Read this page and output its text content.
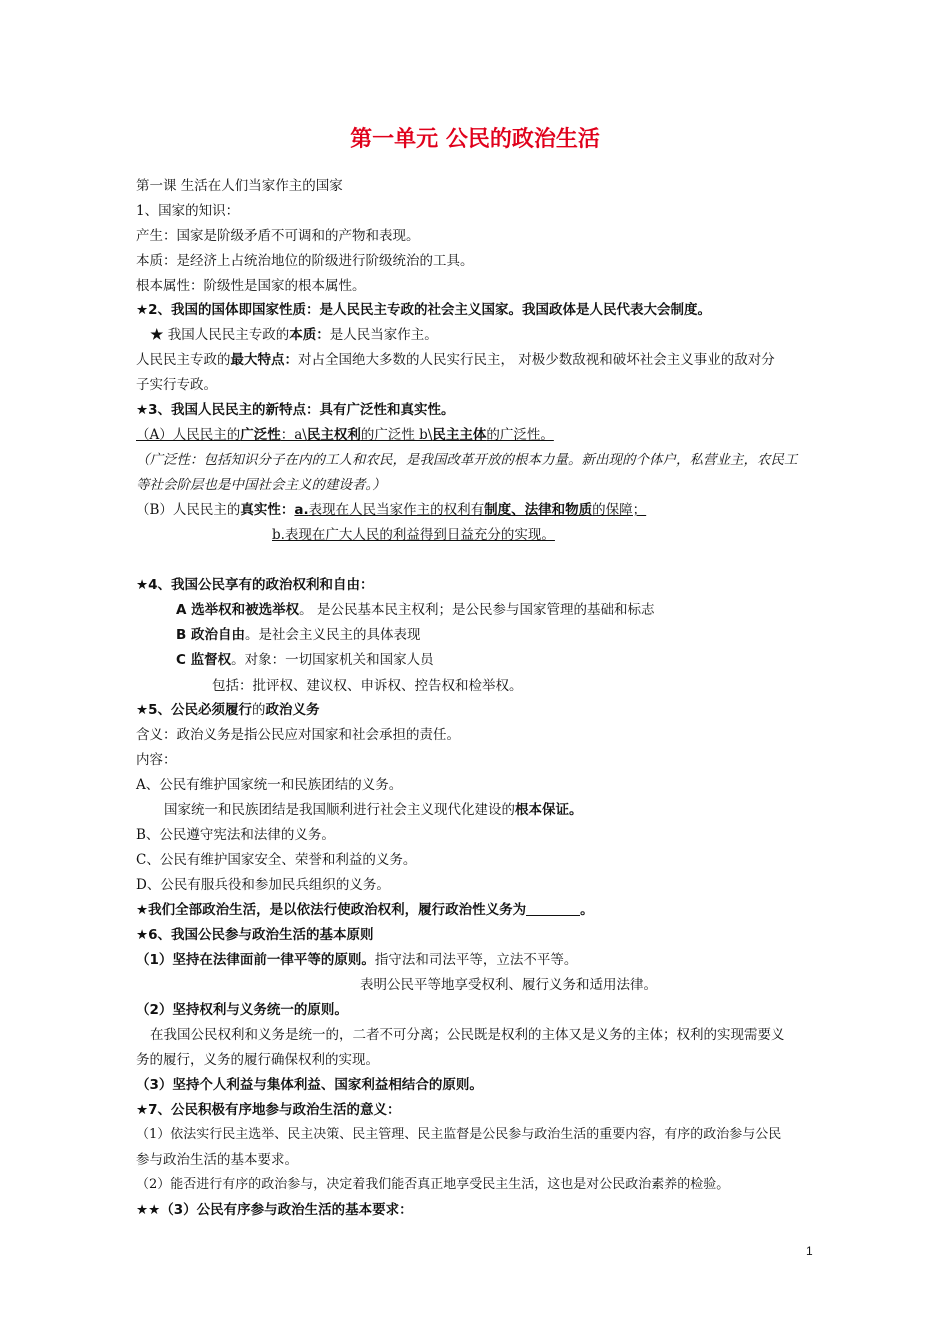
第一单元 公民的政治生活
第一课 生活在人们当家作主的国家
1、国家的知识：
产生：国家是阶级矛盾不可调和的产物和表现。
本质：是经济上占统治地位的阶级进行阶级统治的工具。
根本属性：阶级性是国家的根本属性。
★2、我国的国体即国家性质：是人民民主专政的社会主义国家。我国政体是人民代表大会制度。
★ 我国人民民主专政的本质：是人民当家作主。
人民民主专政的最大特点：对占全国绝大多数的人民实行民主， 对极少数敌视和破坏社会主义事业的敌对分
子实行专政。
★3、我国人民民主的新特点：具有广泛性和真实性。
（A）人民民主的广泛性：a\民主权利的广泛性 b\民主主体的广泛性。
（广泛性：包括知识分子在内的工人和农民，是我国改革开放的根本力量。新出现的个体户，私营业主，农民工
等社会阶层也是中国社会主义的建设者。）
（B）人民民主的真实性：a.表现在人民当家作主的权利有制度、法律和物质的保障；
b.表现在广大人民的利益得到日益充分的实现。
★4、我国公民享有的政治权利和自由：
A 选举权和被选举权。 是公民基本民主权利；是公民参与国家管理的基础和标志
B 政治自由。是社会主义民主的具体表现
C 监督权。对象：一切国家机关和国家人员
包括：批评权、建议权、申诉权、控告权和检举权。
★5、公民必须履行的政治义务
含义：政治义务是指公民应对国家和社会承担的责任。
内容：
A、公民有维护国家统一和民族团结的义务。
国家统一和民族团结是我国顺利进行社会主义现代化建设的根本保证。
B、公民遵守宪法和法律的义务。
C、公民有维护国家安全、荣誉和利益的义务。
D、公民有服兵役和参加民兵组织的义务。
★我们全部政治生活，是以依法行使政治权利，履行政治性义务为	。
★6、我国公民参与政治生活的基本原则
（1）坚持在法律面前一律平等的原则。指守法和司法平等，立法不平等。
表明公民平等地享受权利、履行义务和适用法律。
（2）坚持权利与义务统一的原则。
在我国公民权利和义务是统一的，二者不可分离；公民既是权利的主体又是义务的主体；权利的实现需要义
务的履行，义务的履行确保权利的实现。
（3）坚持个人利益与集体利益、国家利益相结合的原则。
★7、公民积极有序地参与政治生活的意义：
（1）依法实行民主选举、民主决策、民主管理、民主监督是公民参与政治生活的重要内容，有序的政治参与公民
参与政治生活的基本要求。
（2）能否进行有序的政治参与，决定着我们能否真正地享受民主生活，这也是对公民政治素养的检验。
★★（3）公民有序参与政治生活的基本要求：
1
